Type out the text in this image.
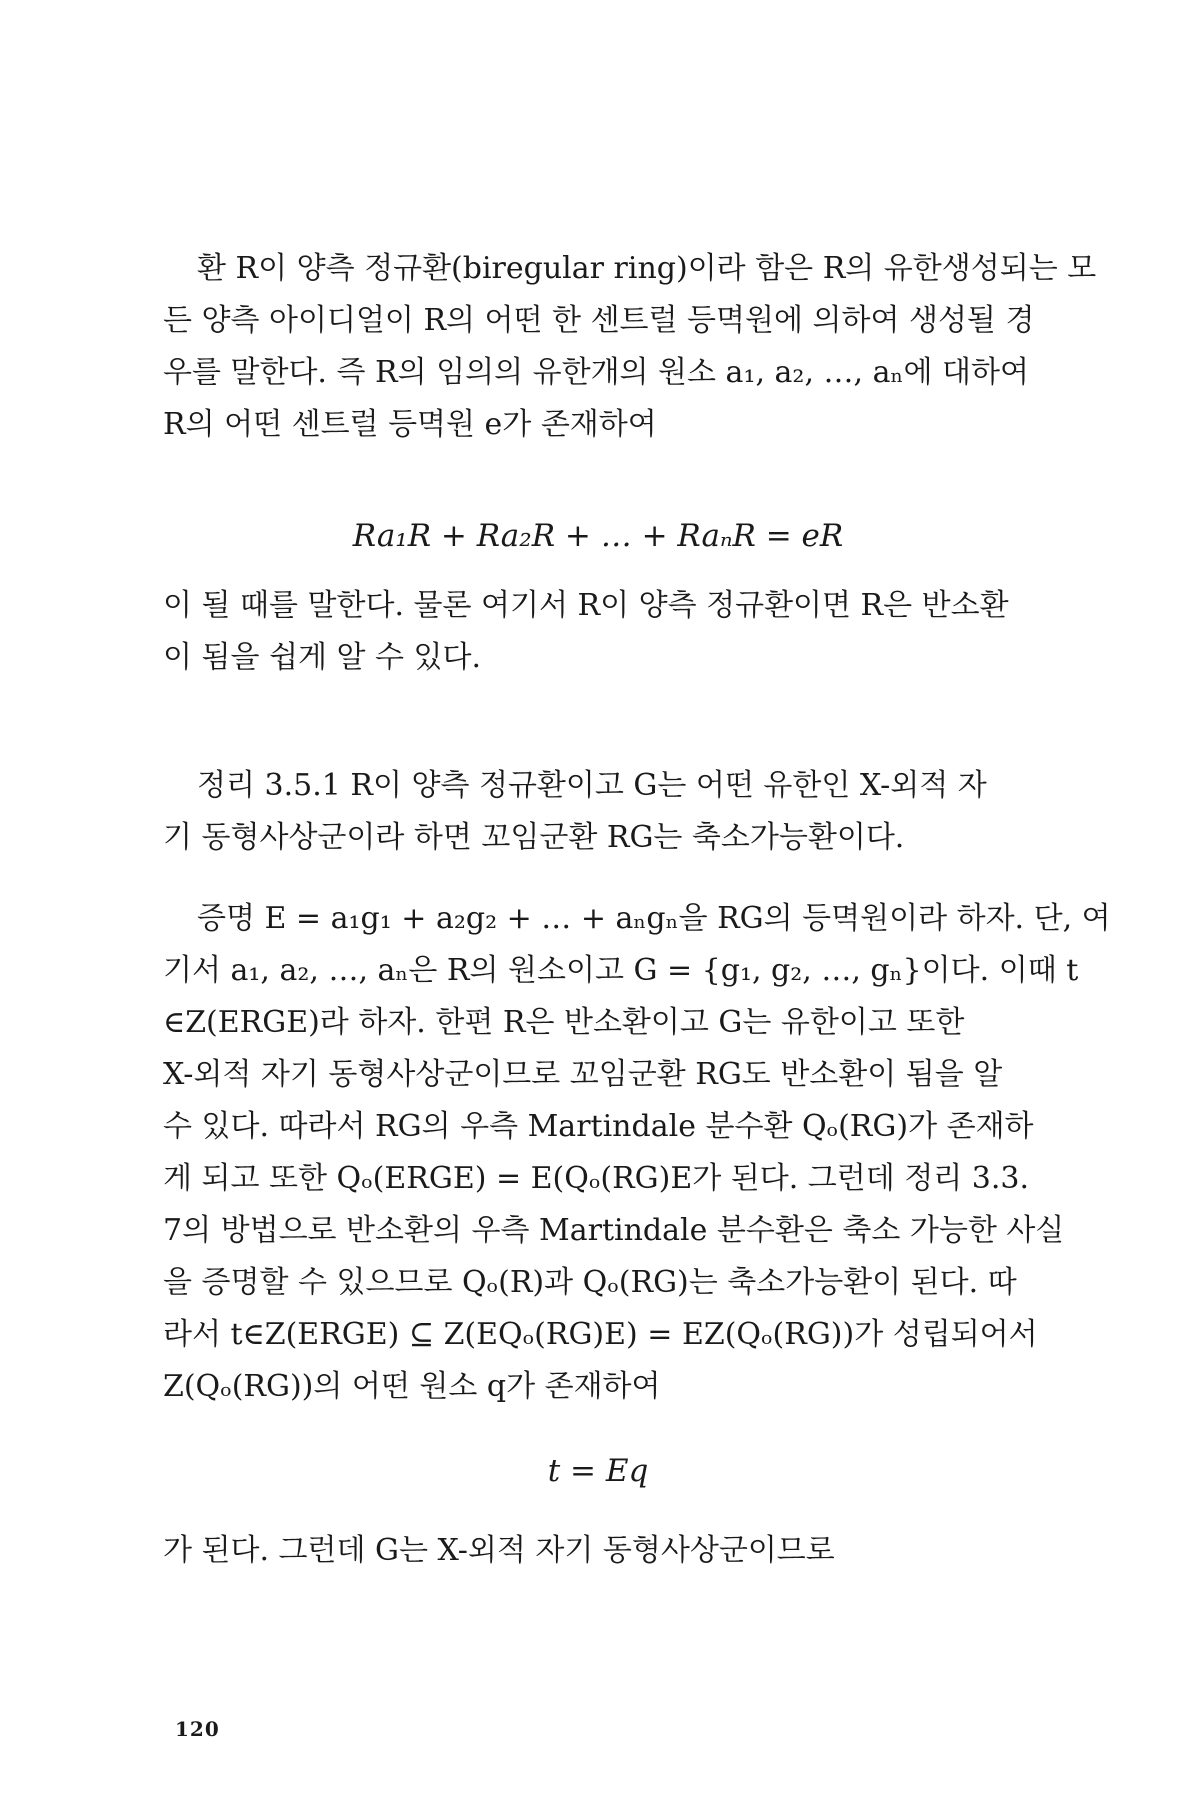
환 R이 양측 정규환(biregular ring)이라 함은 R의 유한생성되는 모
든 양측 아이디얼이 R의 어떤 한 센트럴 등멱원에 의하여 생성될 경
우를 말한다. 즉 R의 임의의 유한개의 원소 a₁, a₂, …, aₙ에 대하여
R의 어떤 센트럴 등멱원 e가 존재하여

Ra₁R + Ra₂R + … + RaₙR = eR

이 될 때를 말한다. 물론 여기서 R이 양측 정규환이면 R은 반소환
이 됨을 쉽게 알 수 있다.

정리 3.5.1 R이 양측 정규환이고 G는 어떤 유한인 X-외적 자
기 동형사상군이라 하면 꼬임군환 RG는 축소가능환이다.

증명 E = a₁g₁ + a₂g₂ + … + aₙgₙ을 RG의 등멱원이라 하자. 단, 여
기서 a₁, a₂, …, aₙ은 R의 원소이고 G = {g₁, g₂, …, gₙ}이다. 이때 t
∈Z(ERGE)라 하자. 한편 R은 반소환이고 G는 유한이고 또한
X-외적 자기 동형사상군이므로 꼬임군환 RG도 반소환이 됨을 알
수 있다. 따라서 RG의 우측 Martindale 분수환 Qₒ(RG)가 존재하
게 되고 또한 Qₒ(ERGE) = E(Qₒ(RG)E가 된다. 그런데 정리 3.3.
7의 방법으로 반소환의 우측 Martindale 분수환은 축소 가능한 사실
을 증명할 수 있으므로 Qₒ(R)과 Qₒ(RG)는 축소가능환이 된다. 따
라서 t∈Z(ERGE) ⊆ Z(EQₒ(RG)E) = EZ(Qₒ(RG))가 성립되어서
Z(Qₒ(RG))의 어떤 원소 q가 존재하여

t = Eq

가 된다. 그런데 G는 X-외적 자기 동형사상군이므로

120
